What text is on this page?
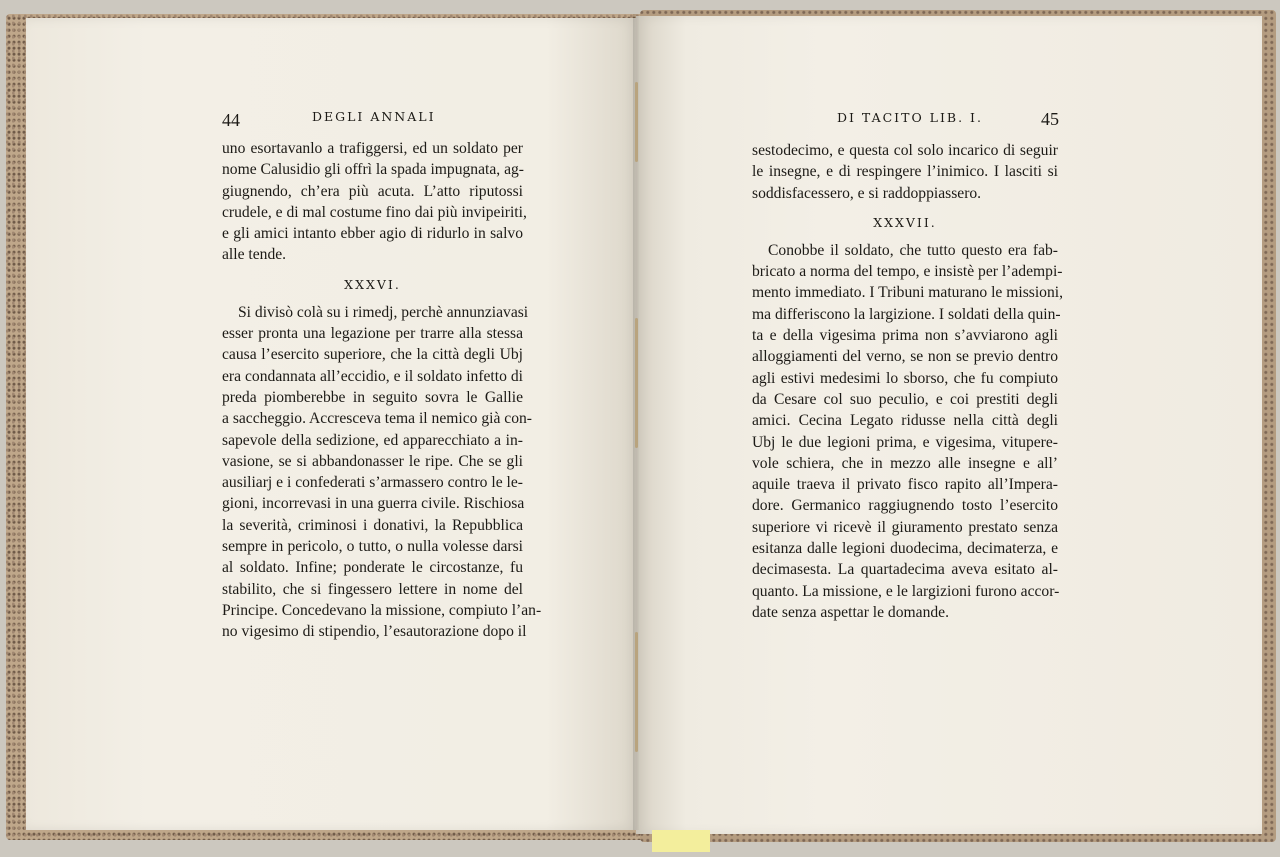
44	DEGLI ANNALI
uno esortavanlo a trafiggersi, ed un soldato per
nome Calusidio gli offrì la spada impugnata, ag-
giugnendo, ch’era più acuta. L’atto riputossi
crudele, e di mal costume fino dai più invipeiriti,
e gli amici intanto ebber agio di ridurlo in salvo
alle tende.
XXXVI.
Si divisò colà su i rimedj, perchè annunziavasi
esser pronta una legazione per trarre alla stessa
causa l’esercito superiore, che la città degli Ubj
era condannata all’eccidio, e il soldato infetto di
preda piomberebbe in seguito sovra le Gallie
a saccheggio. Accresceva tema il nemico già con-
sapevole della sedizione, ed apparecchiato a in-
vasione, se si abbandonasser le ripe. Che se gli
ausiliarj e i confederati s’armassero contro le le-
gioni, incorrevasi in una guerra civile. Rischiosa
la severità, criminosi i donativi, la Repubblica
sempre in pericolo, o tutto, o nulla volesse darsi
al soldato. Infine; ponderate le circostanze, fu
stabilito, che si fingessero lettere in nome del
Principe. Concedevano la missione, compiuto l’an-
no vigesimo di stipendio, l’esautorazione dopo il
DI TACITO LIB. I.	45
sestodecimo, e questa col solo incarico di seguir
le insegne, e di respingere l’inimico. I lasciti si
soddisfacessero, e si raddoppiassero.
XXXVII.
Conobbe il soldato, che tutto questo era fab-
bricato a norma del tempo, e insistè per l’adempi-
mento immediato. I Tribuni maturano le missioni,
ma differiscono la largizione. I soldati della quin-
ta e della vigesima prima non s’avviarono agli
alloggiamenti del verno, se non se previo dentro
agli estivi medesimi lo sborso, che fu compiuto
da Cesare col suo peculio, e coi prestiti degli
amici. Cecina Legato ridusse nella città degli
Ubj le due legioni prima, e vigesima, vitupere-
vole schiera, che in mezzo alle insegne e all’
aquile traeva il privato fisco rapito all’Impera-
dore. Germanico raggiugnendo tosto l’esercito
superiore vi ricevè il giuramento prestato senza
esitanza dalle legioni duodecima, decimaterza, e
decimasesta. La quartadecima aveva esitato al-
quanto. La missione, e le largizioni furono accor-
date senza aspettar le domande.
